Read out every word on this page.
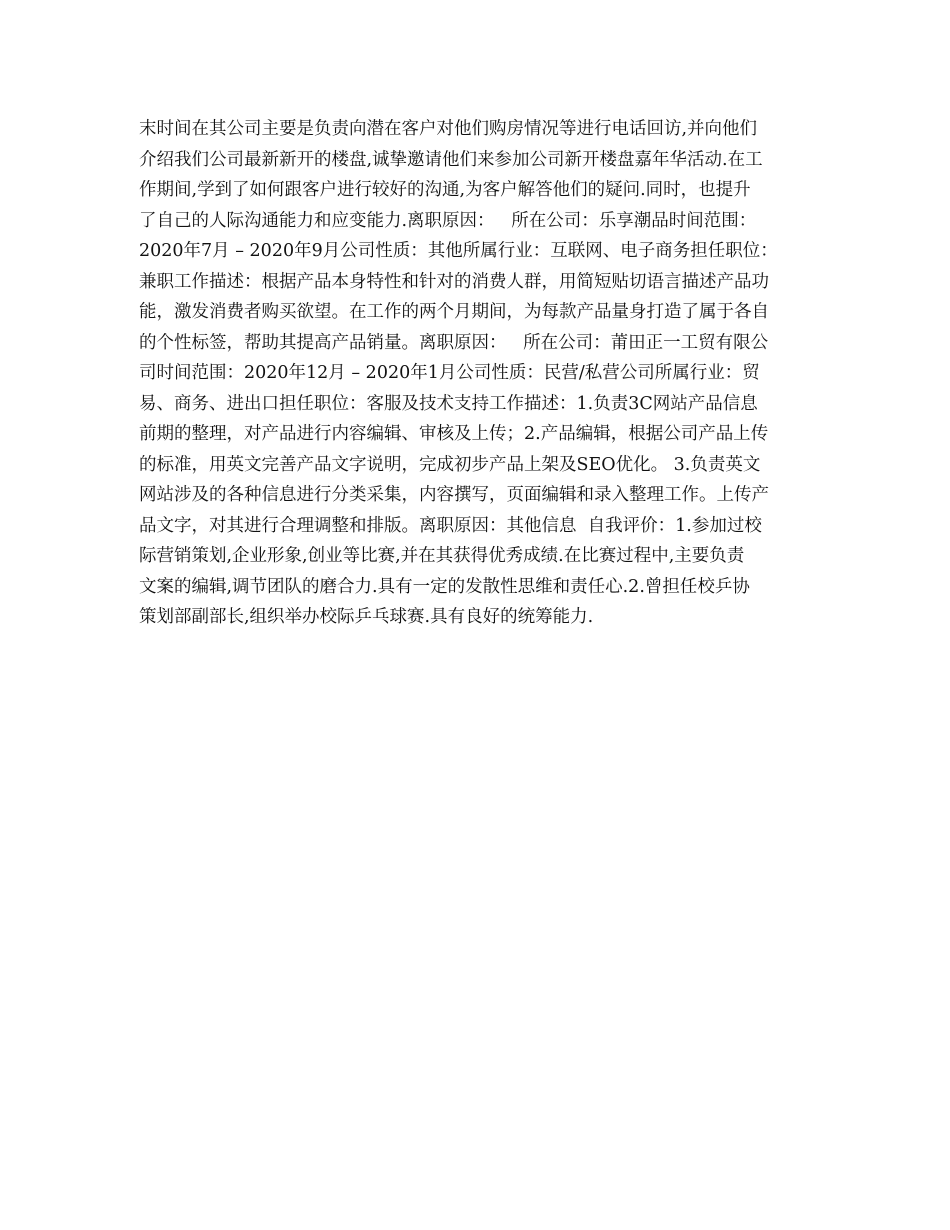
末时间在其公司主要是负责向潜在客户对他们购房情况等进行电话回访,并向他们
介绍我们公司最新新开的楼盘,诚挚邀请他们来参加公司新开楼盘嘉年华活动.在工
作期间,学到了如何跟客户进行较好的沟通,为客户解答他们的疑问.同时，也提升
了自己的人际沟通能力和应变能力.离职原因：   所在公司：乐享潮品时间范围：
2020年7月 – 2020年9月公司性质：其他所属行业：互联网、电子商务担任职位：
兼职工作描述：根据产品本身特性和针对的消费人群，用简短贴切语言描述产品功
能，激发消费者购买欲望。在工作的两个月期间，为每款产品量身打造了属于各自
的个性标签，帮助其提高产品销量。离职原因：   所在公司：莆田正一工贸有限公
司时间范围：2020年12月 – 2020年1月公司性质：民营/私营公司所属行业：贸
易、商务、进出口担任职位：客服及技术支持工作描述：1.负责3C网站产品信息
前期的整理，对产品进行内容编辑、审核及上传；2.产品编辑，根据公司产品上传
的标准，用英文完善产品文字说明，完成初步产品上架及SEO优化。 3.负责英文
网站涉及的各种信息进行分类采集，内容撰写，页面编辑和录入整理工作。上传产
品文字，对其进行合理调整和排版。离职原因：其他信息  自我评价：1.参加过校
际营销策划,企业形象,创业等比赛,并在其获得优秀成绩.在比赛过程中,主要负责
文案的编辑,调节团队的磨合力.具有一定的发散性思维和责任心.2.曾担任校乒协
策划部副部长,组织举办校际乒乓球赛.具有良好的统筹能力.
